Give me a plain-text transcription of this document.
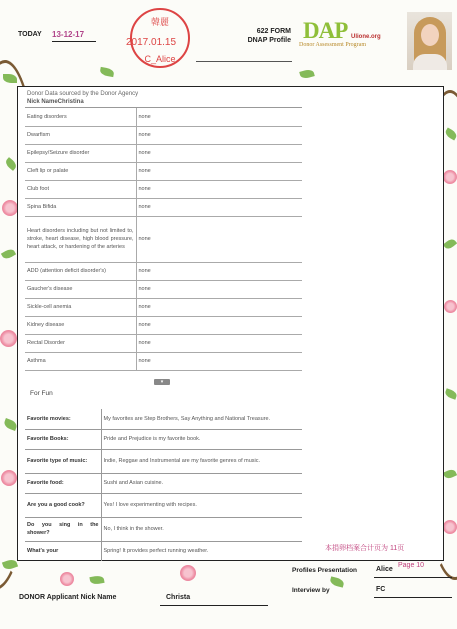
TODAY 13-12-17
韓麗
2017.01.15
C_Alice
622 FORM
DNAP Profile DAP Ulione.org
Donor Assessment Program
Donor Data sourced by the Donor Agency
Nick NameChristina
Eating disorders	none
Dwarfism	none
Epilepsy/Seizure disorder	none
Cleft lip or palate	none
Club foot	none
Spina Bifida	none
Heart disorders including but not limited to, stroke, heart disease, high blood pressure, heart attack, or hardening of the arteries	none
ADD (attention deficit disorder's)	none
Gaucher's disease	none
Sickle-cell anemia	none
Kidney disease	none
Rectal Disorder	none
Asthma	none
▾
For Fun
Favorite movies:	My favorites are Step Brothers, Say Anything and National Treasure.
Favorite Books:	Pride and Prejudice is my favorite book.
Favorite type of music:	Indie, Reggae and Instrumental are my favorite genres of music.
Favorite food:	Sushi and Asian cuisine.
Are you a good cook?	Yes! I love experimenting with recipes.
Do you sing in the shower?	No, I think in the shower.
What's your	Spring! It provides perfect running weather.	本捐卵档案合计页为 11页
Page 10
Profiles Presentation	Alice
Interview by	FC
DONOR Applicant Nick Name	Christa
